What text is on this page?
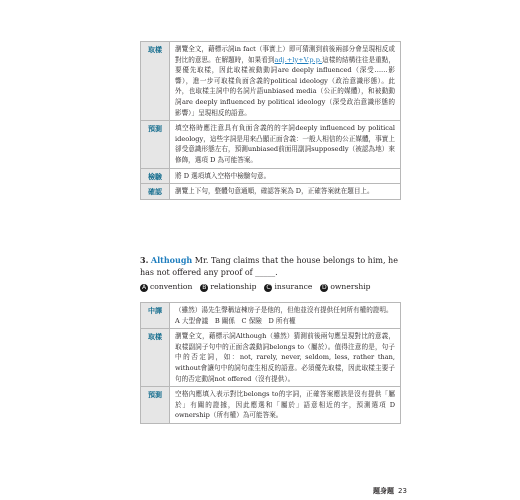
取樣	瀏覽全文，藉標示詞in fact（事實上）即可猜測到前後兩部分會呈現相反或對比的意思。在解題時，如果看到adj.+ly+V.p.p.這樣的結構往往是重點，要優先取樣，因此取樣被動動詞are deeply influenced（深受……影響），進一步可取樣負面含義的political ideology（政治意識形態）。此外，也取樣主詞中的名詞片語unbiased media（公正的媒體），和被動動詞are deeply influenced by political ideology（深受政治意識形態的影響）」呈現相反的語意。
預測	填空格時應注意具有負面含義的的字詞deeply influenced by political ideology，這些字詞是用來凸顯正面含義：一般人相信的公正媒體，事實上卻受意識形態左右，預測unbiased前面用副詞supposedly（被認為地）來修飾，選項 D 為可能答案。
檢驗	將 D 選項填入空格中檢驗句意。
確認	瀏覽上下句，整體句意通順，確認答案為 D，正確答案就在題目上。
3. Although Mr. Tang claims that the house belongs to him, he has not offered any proof of _____.
A convention	B relationship	C insurance D ownership
中譯	（雖然）湯先生聲稱這棟房子是他的，但他並沒有提供任何所有權的證明。
A 大型會議　B 關係　C 保險　D 所有權

取樣	瀏覽全文，藉標示詞Although（雖然）猜測前後兩句應呈現對比的意義，取樣副詞子句中的正面含義動詞belongs to（屬於）。值得注意的是，句子中的否定詞，如：not, rarely, never, seldom, less, rather than, without會讓句中的詞句產生相反的語意。必須優先取樣，因此取樣主要子句的否定動詞not offered（沒有提供）。
預測	空格內應填入表示對比belongs to的字詞，正確答案應該是沒有提供「屬於」有關的證據，因此應選和「屬於」語意相近的字，預測選項 D ownership（所有權）為可能答案。
題身題 23
